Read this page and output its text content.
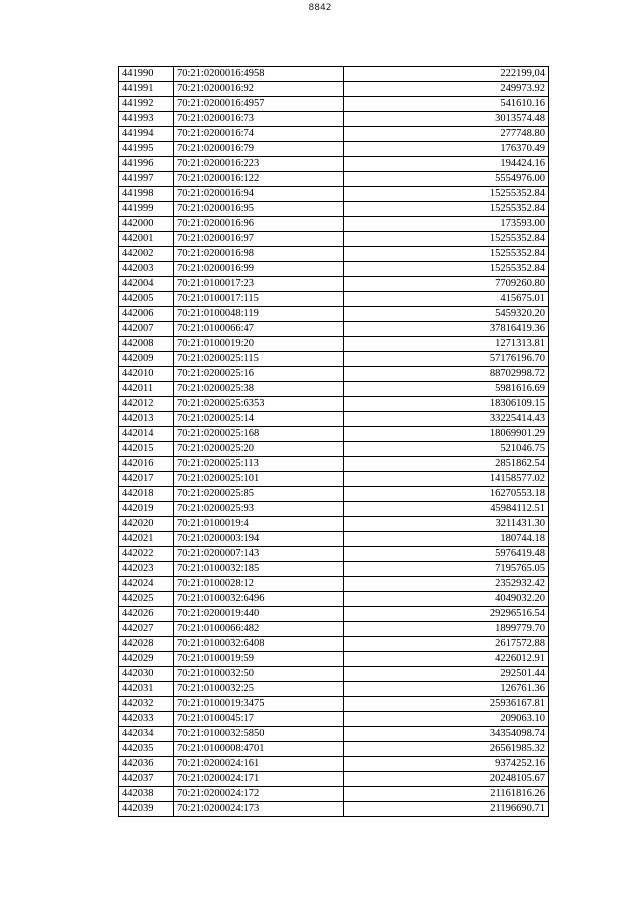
8842
441990	70:21:0200016:4958	222199,04
441991	70:21:0200016:92	249973.92
441992	70:21:0200016:4957	541610.16
441993	70:21:0200016:73	3013574.48
441994	70:21:0200016:74	277748.80
441995	70:21:0200016:79	176370.49
441996	70:21:0200016:223	194424.16
441997	70:21:0200016:122	5554976.00
441998	70:21:0200016:94	15255352.84
441999	70:21:0200016:95	15255352.84
442000	70:21:0200016:96	173593.00
442001	70:21:0200016:97	15255352.84
442002	70:21:0200016:98	15255352.84
442003	70:21:0200016:99	15255352.84
442004	70:21:0100017:23	7709260.80
442005	70:21:0100017:115	415675.01
442006	70:21:0100048:119	5459320.20
442007	70:21:0100066:47	37816419.36
442008	70:21:0100019:20	1271313.81
442009	70:21:0200025:115	57176196.70
442010	70:21:0200025:16	88702998.72
442011	70:21:0200025:38	5981616.69
442012	70:21:0200025:6353	18306109.15
442013	70:21:0200025:14	33225414.43
442014	70:21:0200025:168	18069901.29
442015	70:21:0200025:20	521046.75
442016	70:21:0200025:113	2851862.54
442017	70:21:0200025:101	14158577.02
442018	70:21:0200025:85	16270553.18
442019	70:21:0200025:93	45984112.51
442020	70:21:0100019:4	3211431.30
442021	70:21:0200003:194	180744.18
442022	70:21:0200007:143	5976419.48
442023	70:21:0100032:185	7195765.05
442024	70:21:0100028:12	2352932.42
442025	70:21:0100032:6496	4049032.20
442026	70:21:0200019:440	29296516.54
442027	70:21:0100066:482	1899779.70
442028	70:21:0100032:6408	2617572.88
442029	70:21:0100019:59	4226012.91
442030	70:21:0100032:50	292501.44
442031	70:21:0100032:25	126761.36
442032	70:21:0100019:3475	25936167.81
442033	70:21:0100045:17	209063.10
442034	70:21:0100032:5850	34354098.74
442035	70:21:0100008:4701	26561985.32
442036	70:21:0200024:161	9374252.16
442037	70:21:0200024:171	20248105.67
442038	70:21:0200024:172	21161816.26
442039	70:21:0200024:173	21196690.71
